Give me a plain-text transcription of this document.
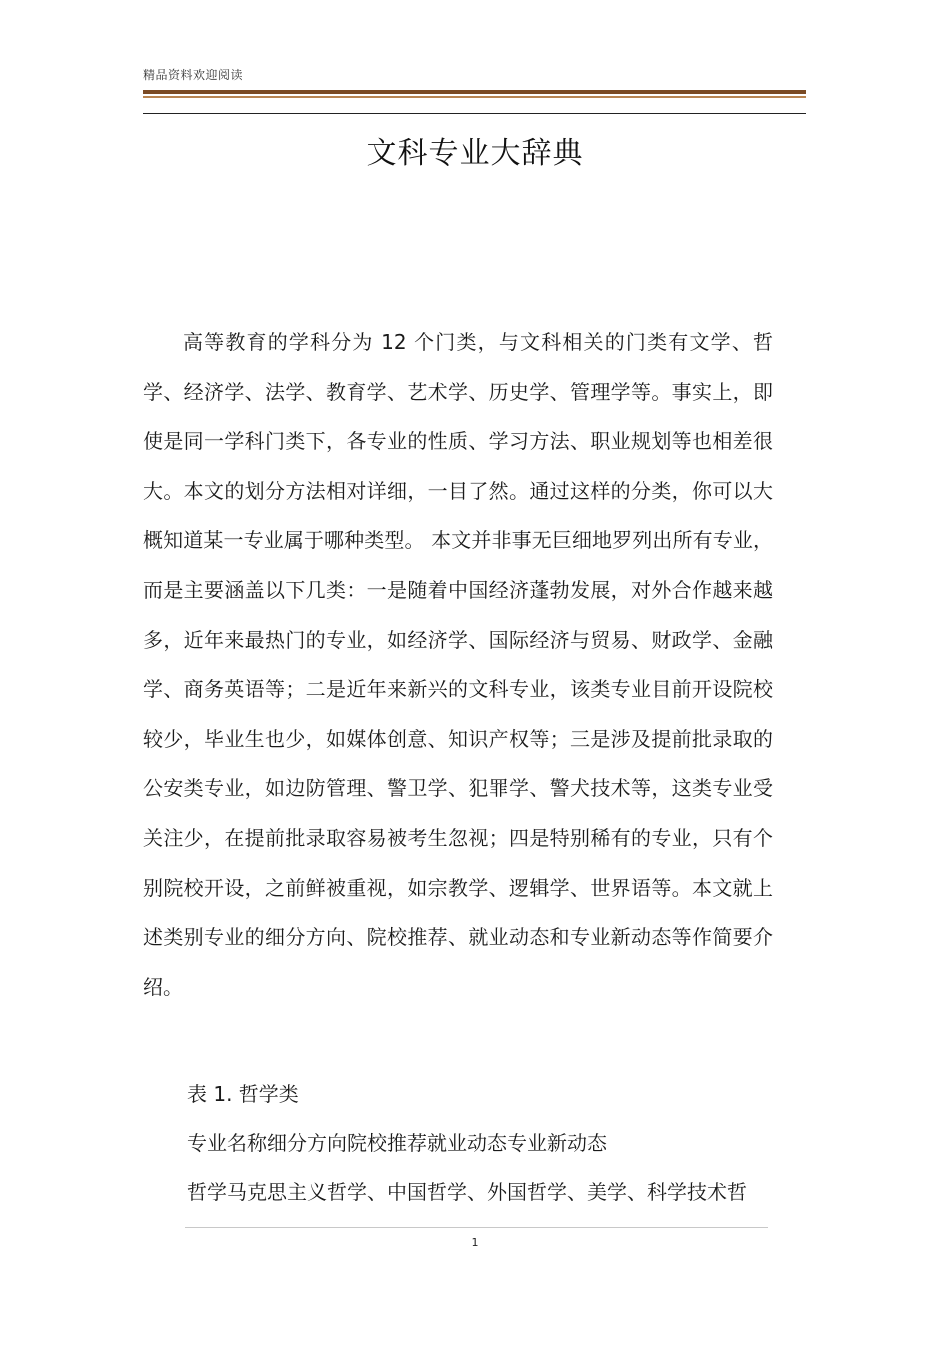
精品资料欢迎阅读
文科专业大辞典

高等教育的学科分为 12 个门类，与文科相关的门类有文学、哲学、经济学、法学、教育学、艺术学、历史学、管理学等。事实上，即使是同一学科门类下，各专业的性质、学习方法、职业规划等也相差很大。本文的划分方法相对详细，一目了然。通过这样的分类，你可以大概知道某一专业属于哪种类型。 本文并非事无巨细地罗列出所有专业，而是主要涵盖以下几类：一是随着中国经济蓬勃发展，对外合作越来越多，近年来最热门的专业，如经济学、国际经济与贸易、财政学、金融学、商务英语等；二是近年来新兴的文科专业，该类专业目前开设院校较少，毕业生也少，如媒体创意、知识产权等；三是涉及提前批录取的公安类专业，如边防管理、警卫学、犯罪学、警犬技术等，这类专业受关注少，在提前批录取容易被考生忽视；四是特别稀有的专业，只有个别院校开设，之前鲜被重视，如宗教学、逻辑学、世界语等。本文就上述类别专业的细分方向、院校推荐、就业动态和专业新动态等作简要介绍。

表 1. 哲学类
专业名称细分方向院校推荐就业动态专业新动态
哲学马克思主义哲学、中国哲学、外国哲学、美学、科学技术哲
1
